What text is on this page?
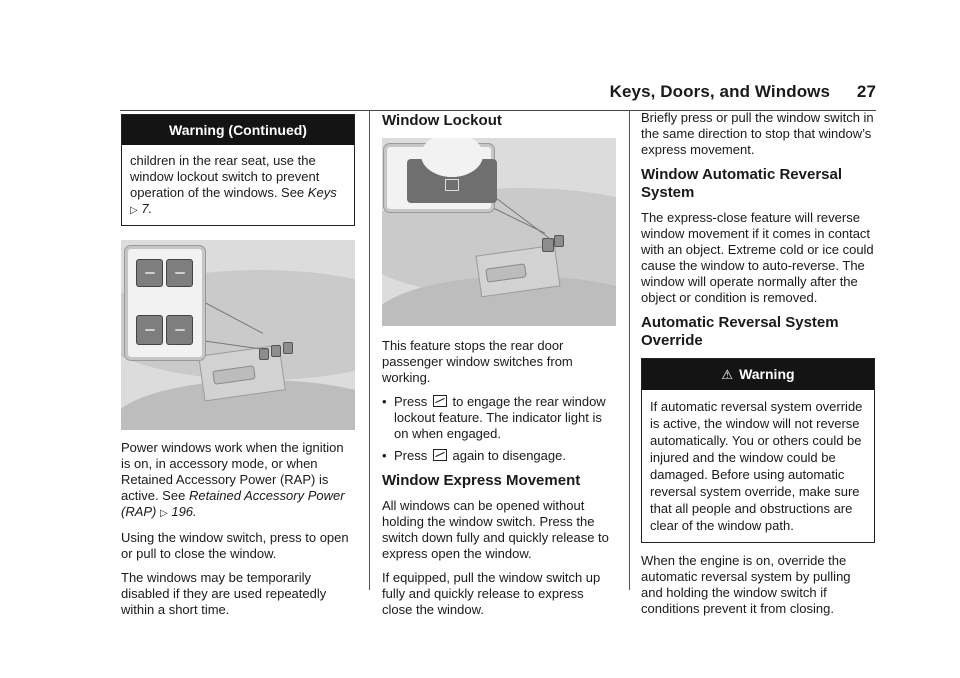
Keys, Doors, and Windows 27
Warning (Continued)

children in the rear seat, use the window lockout switch to prevent operation of the windows. See Keys ▷ 7.

Power windows work when the ignition is on, in accessory mode, or when Retained Accessory Power (RAP) is active. See Retained Accessory Power (RAP) ▷ 196.

Using the window switch, press to open or pull to close the window.

The windows may be temporarily disabled if they are used repeatedly within a short time.

Window Lockout

This feature stops the rear door passenger window switches from working.

• Press to engage the rear window lockout feature. The indicator light is on when engaged.
• Press again to disengage.
Window Express Movement

All windows can be opened without holding the window switch. Press the switch down fully and quickly release to express open the window.

If equipped, pull the window switch up fully and quickly release to express close the window.

Briefly press or pull the window switch in the same direction to stop that window’s express movement.

Window Automatic Reversal System

The express-close feature will reverse window movement if it comes in contact with an object. Extreme cold or ice could cause the window to auto-reverse. The window will operate normally after the object or condition is removed.

Automatic Reversal System Override
⚠ Warning
If automatic reversal system override is active, the window will not reverse automatically. You or others could be injured and the window could be damaged. Before using automatic reversal system override, make sure that all people and obstructions are clear of the window path.

When the engine is on, override the automatic reversal system by pulling and holding the window switch if conditions prevent it from closing.
